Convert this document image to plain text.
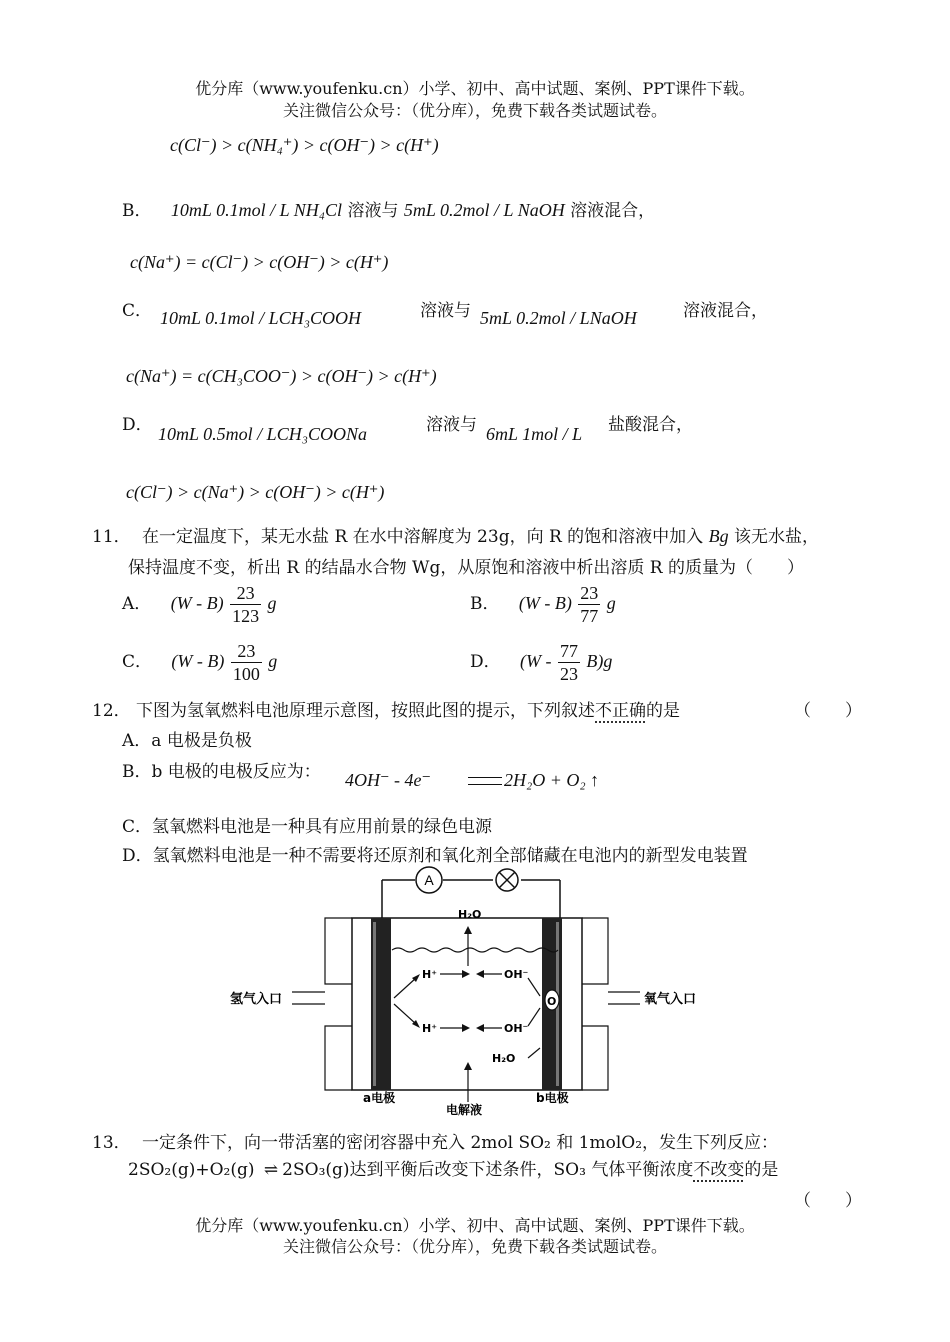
优分库（www.youfenku.cn）小学、初中、高中试题、案例、PPT课件下载。
关注微信公众号：（优分库），免费下载各类试题试卷。
c(Cl⁻) > c(NH₄⁺) > c(OH⁻) > c(H⁺)
B． 10mL 0.1mol / L NH₄Cl 溶液与 5mL 0.2mol / L NaOH 溶液混合，
c(Na⁺) = c(Cl⁻) > c(OH⁻) > c(H⁺)
C． 10mL 0.1mol / LCH₃COOH	溶液与 5mL 0.2mol / LNaOH	溶液混合，
c(Na⁺) = c(CH₃COO⁻) > c(OH⁻) > c(H⁺)
D． 10mL 0.5mol / LCH₃COONa	溶液与 6mL 1mol / L 盐酸混合，
c(Cl⁻) > c(Na⁺) > c(OH⁻) > c(H⁺)
11． 在一定温度下，某无水盐 R 在水中溶解度为 23g，向 R 的饱和溶液中加入 Bg 该无水盐，
保持温度不变，析出 R 的结晶水合物 Wg，从原饱和溶液中析出溶质 R 的质量为（　　）
A． $(W - B) \frac{23}{123}$ g	B． $(W - B) \frac{23}{77}$ g
C． $(W - B) \frac{23}{100}$ g	D． $(W - \frac{77}{23} B)g$
12． 下图为氢氧燃料电池原理示意图，按照此图的提示，下列叙述不正确的是	（　　）
A．a 电极是负极
B．b 电极的电极反应为： 4OH⁻ - 4e⁻	2H₂O + O₂ ↑
C．氢氧燃料电池是一种具有应用前景的绿色电源
D．氢氧燃料电池是一种不需要将还原剂和氧化剂全部储藏在电池内的新型发电装置
A
H₂O
H⁺
H⁺
OH⁻
OH⁻
O
H₂O
氢气入口	氧气入口
a电极
电解液
b电极
13． 一定条件下，向一带活塞的密闭容器中充入 2mol SO₂ 和 1molO₂，发生下列反应：
2SO₂(g)+O₂(g) ⇌ 2SO₃(g)达到平衡后改变下述条件，SO₃ 气体平衡浓度不改变的是
（　　）
优分库（www.youfenku.cn）小学、初中、高中试题、案例、PPT课件下载。
关注微信公众号：（优分库），免费下载各类试题试卷。
